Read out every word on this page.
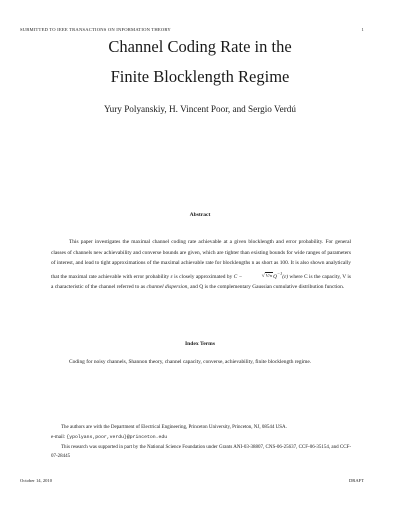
SUBMITTED TO IEEE TRANSACTIONS ON INFORMATION THEORY	1
Channel Coding Rate in the
Finite Blocklength Regime
Yury Polyanskiy, H. Vincent Poor, and Sergio Verdú
Abstract

This paper investigates the maximal channel coding rate achievable at a given blocklength and error probability. For general classes of channels new achievability and converse bounds are given, which are tighter than existing bounds for wide ranges of parameters of interest, and lead to tight approximations of the maximal achievable rate for blocklengths n as short as 100. It is also shown analytically that the maximal rate achievable with error probability ε is closely approximated by C −	$√V/nQ^{-1}(\varepsilon)$ where C is the capacity, V is a characteristic of the channel referred to as channel dispersion, and Q is the complementary Gaussian cumulative distribution function.

Index Terms

Coding for noisy channels, Shannon theory, channel capacity, converse, achievability, finite blocklength regime.

The authors are with the Department of Electrical Engineering, Princeton University, Princeton, NJ, 08544 USA.

e-mail: {ypolyans,poor,verdu}@princeton.edu

This research was supported in part by the National Science Foundation under Grants ANI-03-38807, CNS-06-25637, CCF-06-35154, and CCF-07-28445

October 14, 2010	DRAFT
